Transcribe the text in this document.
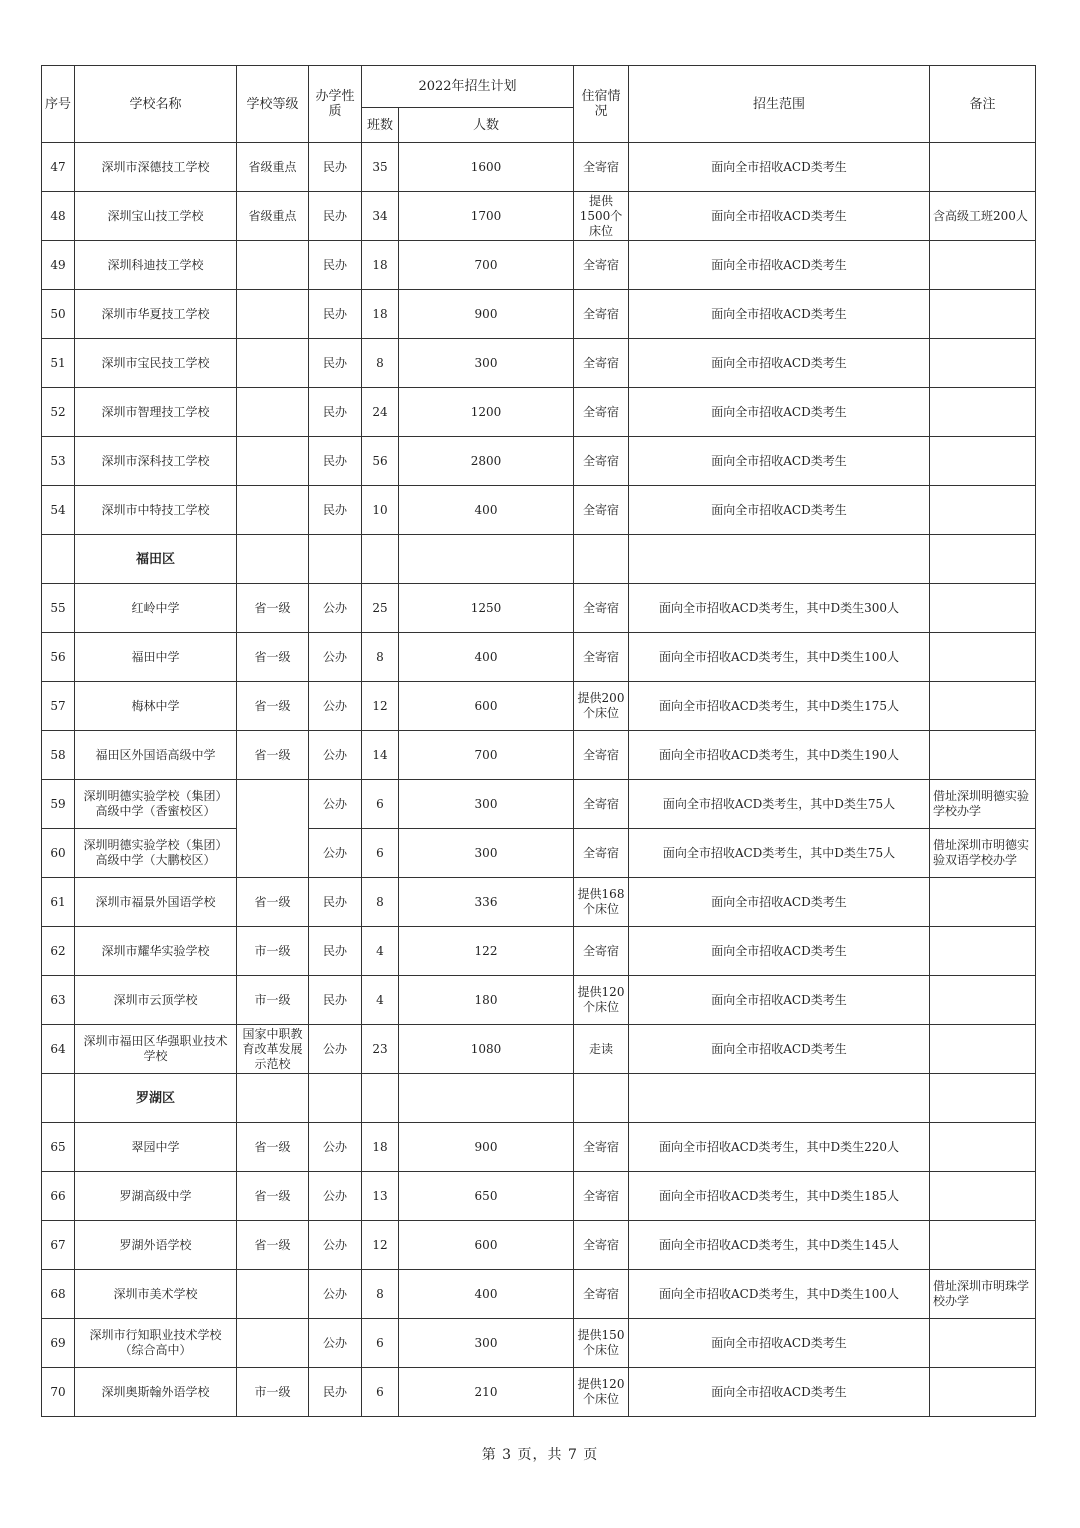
序号	学校名称	学校等级	办学性质	2022年招生计划		住宿情况	招生范围	备注
				班数	人数			
47	深圳市深德技工学校	省级重点	民办	35	1600	全寄宿	面向全市招收ACD类考生	
48	深圳宝山技工学校	省级重点	民办	34	1700	提供1500个床位	面向全市招收ACD类考生	含高级工班200人
49	深圳科迪技工学校		民办	18	700	全寄宿	面向全市招收ACD类考生	
50	深圳市华夏技工学校		民办	18	900	全寄宿	面向全市招收ACD类考生	
51	深圳市宝民技工学校		民办	8	300	全寄宿	面向全市招收ACD类考生	
52	深圳市智理技工学校		民办	24	1200	全寄宿	面向全市招收ACD类考生	
53	深圳市深科技工学校		民办	56	2800	全寄宿	面向全市招收ACD类考生	
54	深圳市中特技工学校		民办	10	400	全寄宿	面向全市招收ACD类考生	
	福田区							
55	红岭中学	省一级	公办	25	1250	全寄宿	面向全市招收ACD类考生，其中D类生300人	
56	福田中学	省一级	公办	8	400	全寄宿	面向全市招收ACD类考生，其中D类生100人	
57	梅林中学	省一级	公办	12	600	提供200个床位	面向全市招收ACD类考生，其中D类生175人	
58	福田区外国语高级中学	省一级	公办	14	700	全寄宿	面向全市招收ACD类考生，其中D类生190人	
59	深圳明德实验学校（集团）高级中学（香蜜校区）		公办	6	300	全寄宿	面向全市招收ACD类考生，其中D类生75人	借址深圳明德实验学校办学
60	深圳明德实验学校（集团）高级中学（大鹏校区）		公办	6	300	全寄宿	面向全市招收ACD类考生，其中D类生75人	借址深圳市明德实验双语学校办学
61	深圳市福景外国语学校	省一级	民办	8	336	提供168个床位	面向全市招收ACD类考生	
62	深圳市耀华实验学校	市一级	民办	4	122	全寄宿	面向全市招收ACD类考生	
63	深圳市云顶学校	市一级	民办	4	180	提供120个床位	面向全市招收ACD类考生	
64	深圳市福田区华强职业技术学校	国家中职教育改革发展示范校	公办	23	1080	走读	面向全市招收ACD类考生	
	罗湖区							
65	翠园中学	省一级	公办	18	900	全寄宿	面向全市招收ACD类考生，其中D类生220人	
66	罗湖高级中学	省一级	公办	13	650	全寄宿	面向全市招收ACD类考生，其中D类生185人	
67	罗湖外语学校	省一级	公办	12	600	全寄宿	面向全市招收ACD类考生，其中D类生145人	
68	深圳市美术学校		公办	8	400	全寄宿	面向全市招收ACD类考生，其中D类生100人	借址深圳市明珠学校办学
69	深圳市行知职业技术学校（综合高中）		公办	6	300	提供150个床位	面向全市招收ACD类考生	
70	深圳奥斯翰外语学校	市一级	民办	6	210	提供120个床位	面向全市招收ACD类考生	
第 3 页，共 7 页
